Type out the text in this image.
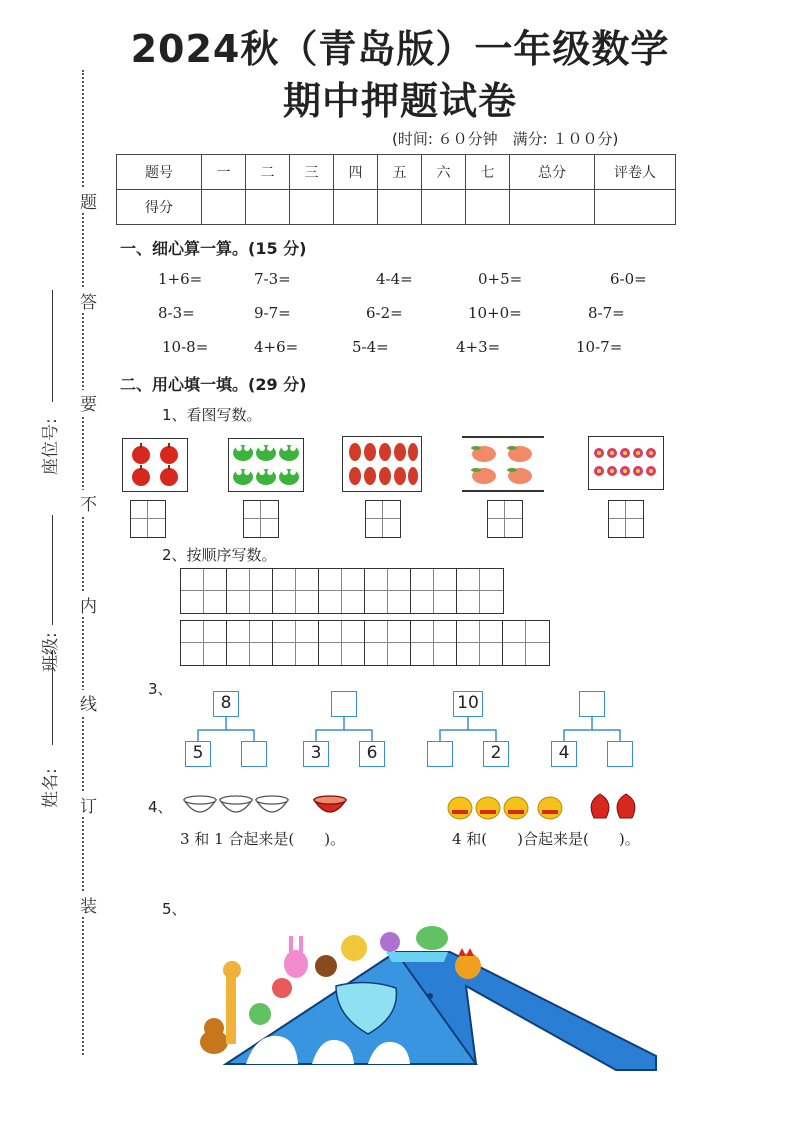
2024秋（青岛版）一年级数学
期中押题试卷
(时间: ６０分钟　满分: １００分)
题
答
要
不
内
线
订
装
座位号:
班级:
姓名:
题号	一	二	三	四	五	六	七	总分	评卷人
得分									
一、细心算一算。(15 分)
1+6=	7-3=	4-4=	0+5=	6-0=
8-3=	9-7=	6-2=	10+0=	8-7=
10-8=	4+6=	5-4=	4+3=	10-7=
二、用心填一填。(29 分)
1、看图写数。
2、按顺序写数。
3、
8
5	3	6
10
2	4
4、
3 和 1 合起来是(　　)。	4 和(　　)合起来是(　　)。
5、
